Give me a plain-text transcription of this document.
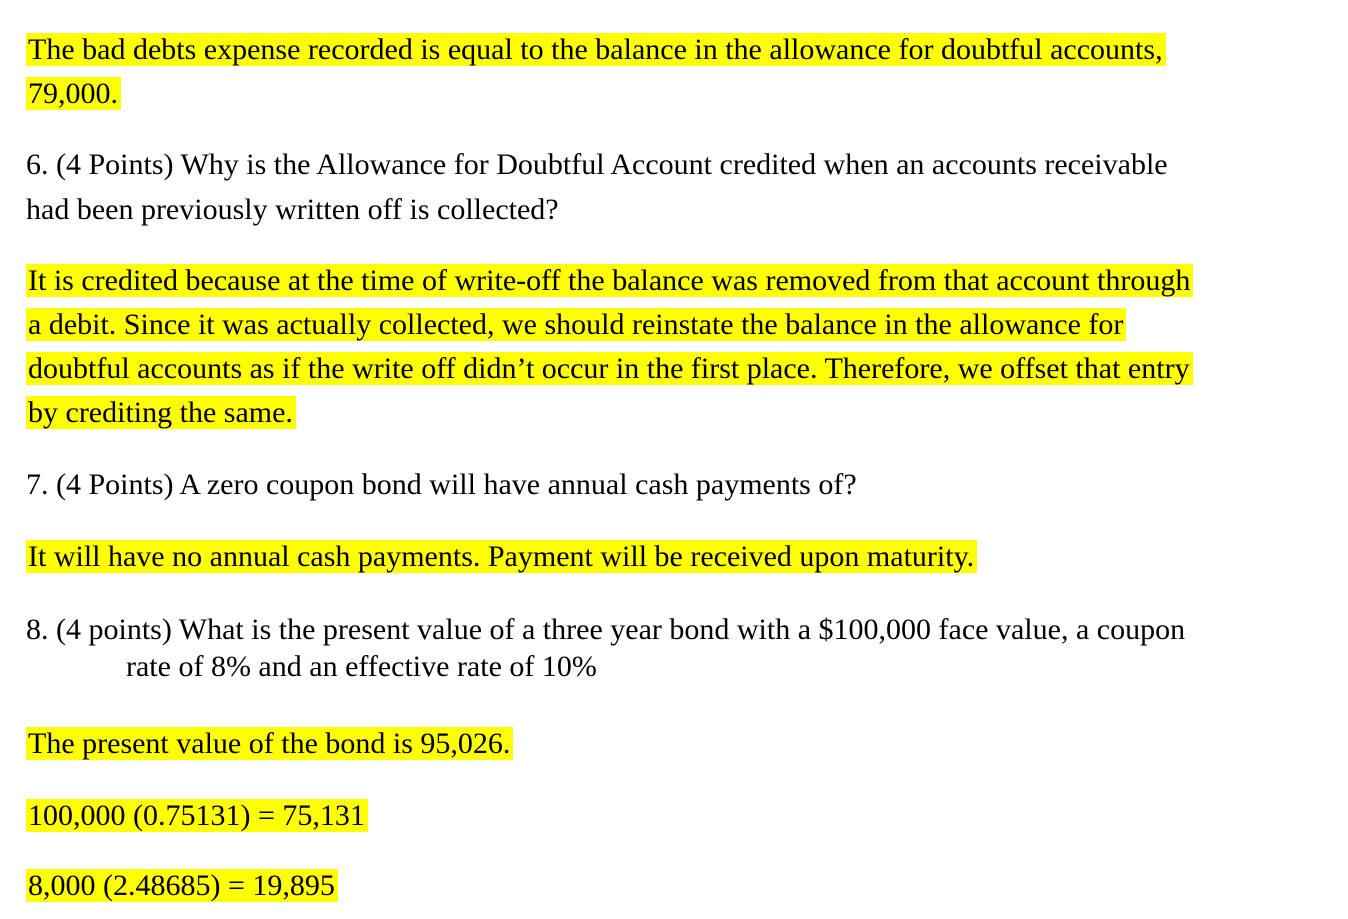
The bad debts expense recorded is equal to the balance in the allowance for doubtful accounts,
79,000.
6. (4 Points) Why is the Allowance for Doubtful Account credited when an accounts receivable
had been previously written off is collected?
It is credited because at the time of write-off the balance was removed from that account through
a debit. Since it was actually collected, we should reinstate the balance in the allowance for
doubtful accounts as if the write off didn’t occur in the first place. Therefore, we offset that entry
by crediting the same.
7. (4 Points) A zero coupon bond will have annual cash payments of?
It will have no annual cash payments. Payment will be received upon maturity.
8. (4 points) What is the present value of a three year bond with a $100,000 face value, a coupon
rate of 8% and an effective rate of 10%
The present value of the bond is 95,026.
100,000 (0.75131) = 75,131
8,000 (2.48685) = 19,895
